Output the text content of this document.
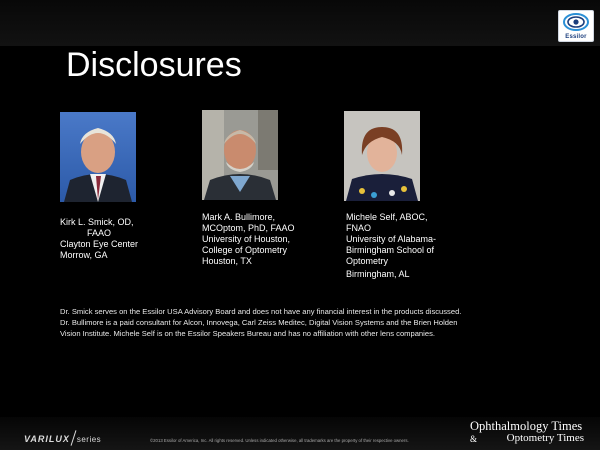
Essilor
Disclosures
Kirk L. Smick, OD,
FAAO
Clayton Eye Center
Morrow, GA
Mark A. Bullimore,
MCOptom, PhD, FAAO
University of Houston,
College of Optometry
Houston, TX
Michele Self, ABOC,
FNAO
University of Alabama-
Birmingham School of
Optometry
Birmingham, AL
Dr. Smick serves on the Essilor USA Advisory Board and does not have any financial interest in the products discussed.
Dr. Bullimore is a paid consultant for Alcon, Innovega, Carl Zeiss Meditec, Digital Vision Systems and the Brien Holden
Vision Institute. Michele Self is on the Essilor Speakers Bureau and has no affiliation with other lens companies.
VARILUX series	©2013 Essilor of America, Inc. All rights reserved. Unless indicated otherwise, all trademarks are the property of their respective owners.
Ophthalmology Times
&	Optometry Times
